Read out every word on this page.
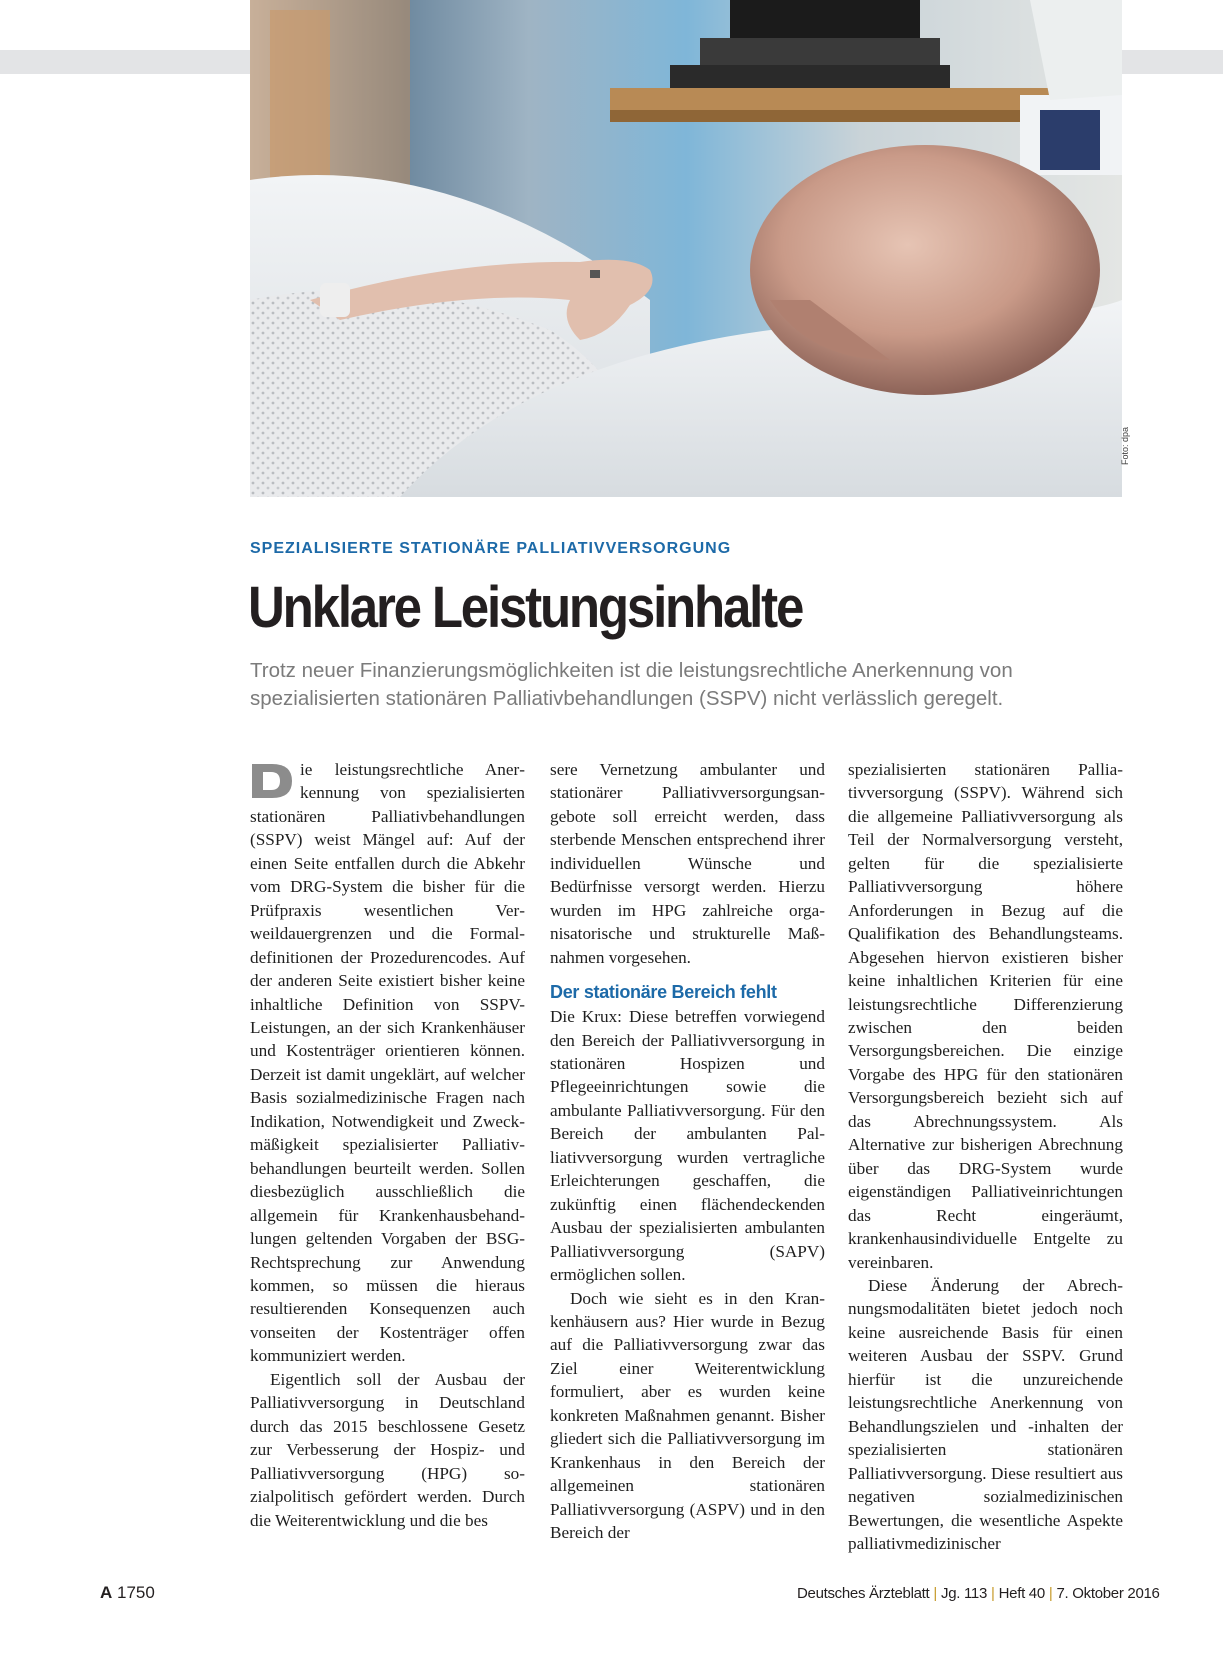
Foto: dpa
SPEZIALISIERTE STATIONÄRE PALLIATIVVERSORGUNG
Unklare Leistungsinhalte
Trotz neuer Finanzierungsmöglichkeiten ist die leistungsrechtliche Anerkennung von spezialisierten stationären Palliativbehandlungen (SSPV) nicht verlässlich geregelt.

ie leistungsrechtliche Anerkennung von spezialisierten stationären Palliativbehandlungen (SSPV) weist Mängel auf: Auf der einen Seite entfallen durch die Abkehr vom DRG-System die bisher für die Prüfpraxis wesentlichen Verweildauergrenzen und die Formaldefinitionen der Prozedurencodes. Auf der anderen Seite existiert bisher keine inhaltliche Definition von SSPV-Leistungen, an der sich Krankenhäuser und Kostenträger orientieren können. Derzeit ist damit ungeklärt, auf welcher Basis sozialmedizinische Fragen nach Indikation, Notwendigkeit und Zweckmäßigkeit spezialisierter Palliativbehandlungen beurteilt werden. Sollen diesbezüglich ausschließlich die allgemein für Krankenhausbehandlungen geltenden Vorgaben der BSG-Rechtsprechung zur Anwendung kommen, so müssen die hieraus resultierenden Konsequenzen auch vonseiten der Kostenträger offen kommuniziert werden.

Eigentlich soll der Ausbau der Palliativversorgung in Deutschland durch das 2015 beschlossene Gesetz zur Verbesserung der Hospiz- und Palliativversorgung (HPG) sozialpolitisch gefördert werden. Durch die Weiterentwicklung und die bes

sere Vernetzung ambulanter und stationärer Palliativversorgungsangebote soll erreicht werden, dass sterbende Menschen entsprechend ihrer individuellen Wünsche und Bedürfnisse versorgt werden. Hierzu wurden im HPG zahlreiche organisatorische und strukturelle Maßnahmen vorgesehen.

Der stationäre Bereich fehlt

Die Krux: Diese betreffen vorwiegend den Bereich der Palliativversorgung in stationären Hospizen und Pflegeeinrichtungen sowie die ambulante Palliativversorgung. Für den Bereich der ambulanten Palliativversorgung wurden vertragliche Erleichterungen geschaffen, die zukünftig einen flächendeckenden Ausbau der spezialisierten ambulanten Palliativversorgung (SAPV) ermöglichen sollen.

Doch wie sieht es in den Krankenhäusern aus? Hier wurde in Bezug auf die Palliativversorgung zwar das Ziel einer Weiterentwicklung formuliert, aber es wurden keine konkreten Maßnahmen genannt. Bisher gliedert sich die Palliativversorgung im Krankenhaus in den Bereich der allgemeinen stationären Palliativversorgung (ASPV) und in den Bereich der

spezialisierten stationären Palliativversorgung (SSPV). Während sich die allgemeine Palliativversorgung als Teil der Normalversorgung versteht, gelten für die spezialisierte Palliativversorgung höhere Anforderungen in Bezug auf die Qualifikation des Behandlungsteams. Abgesehen hiervon existieren bisher keine inhaltlichen Kriterien für eine leistungsrechtliche Differenzierung zwischen den beiden Versorgungsbereichen. Die einzige Vorgabe des HPG für den stationären Versorgungsbereich bezieht sich auf das Abrechnungssystem. Als Alternative zur bisherigen Abrechnung über das DRG-System wurde eigenständigen Palliativeinrichtungen das Recht eingeräumt, krankenhausindividuelle Entgelte zu vereinbaren.

Diese Änderung der Abrechnungsmodalitäten bietet jedoch noch keine ausreichende Basis für einen weiteren Ausbau der SSPV. Grund hierfür ist die unzureichende leistungsrechtliche Anerkennung von Behandlungszielen und -inhalten der spezialisierten stationären Palliativversorgung. Diese resultiert aus negativen sozialmedizinischen Bewertungen, die wesentliche Aspekte palliativmedizinischer

A 1750	Deutsches Ärzteblatt | Jg. 113 | Heft 40 | 7. Oktober 2016
